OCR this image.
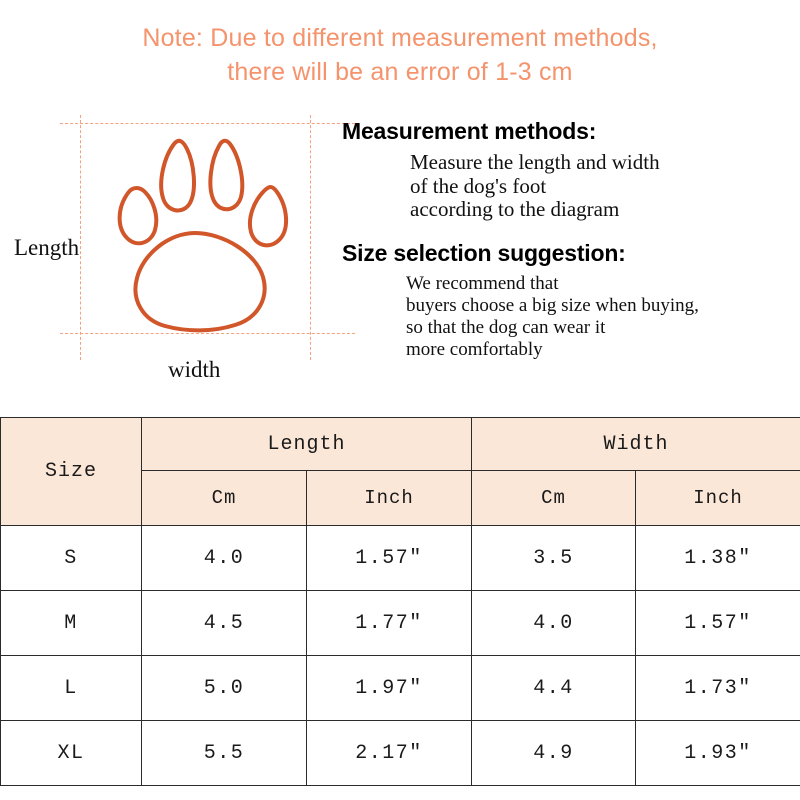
Note: Due to different measurement methods,
there will be an error of 1-3 cm
Length
width

Measurement methods:

Measure the length and width
of the dog's foot
according to the diagram

Size selection suggestion:

We recommend that
buyers choose a big size when buying,
so that the dog can wear it
more comfortably
Size	Length		Width	
	Cm	Inch	Cm	Inch
S	4.0	1.57″	3.5	1.38″
M	4.5	1.77″	4.0	1.57″
L	5.0	1.97″	4.4	1.73″
XL	5.5	2.17″	4.9	1.93″
